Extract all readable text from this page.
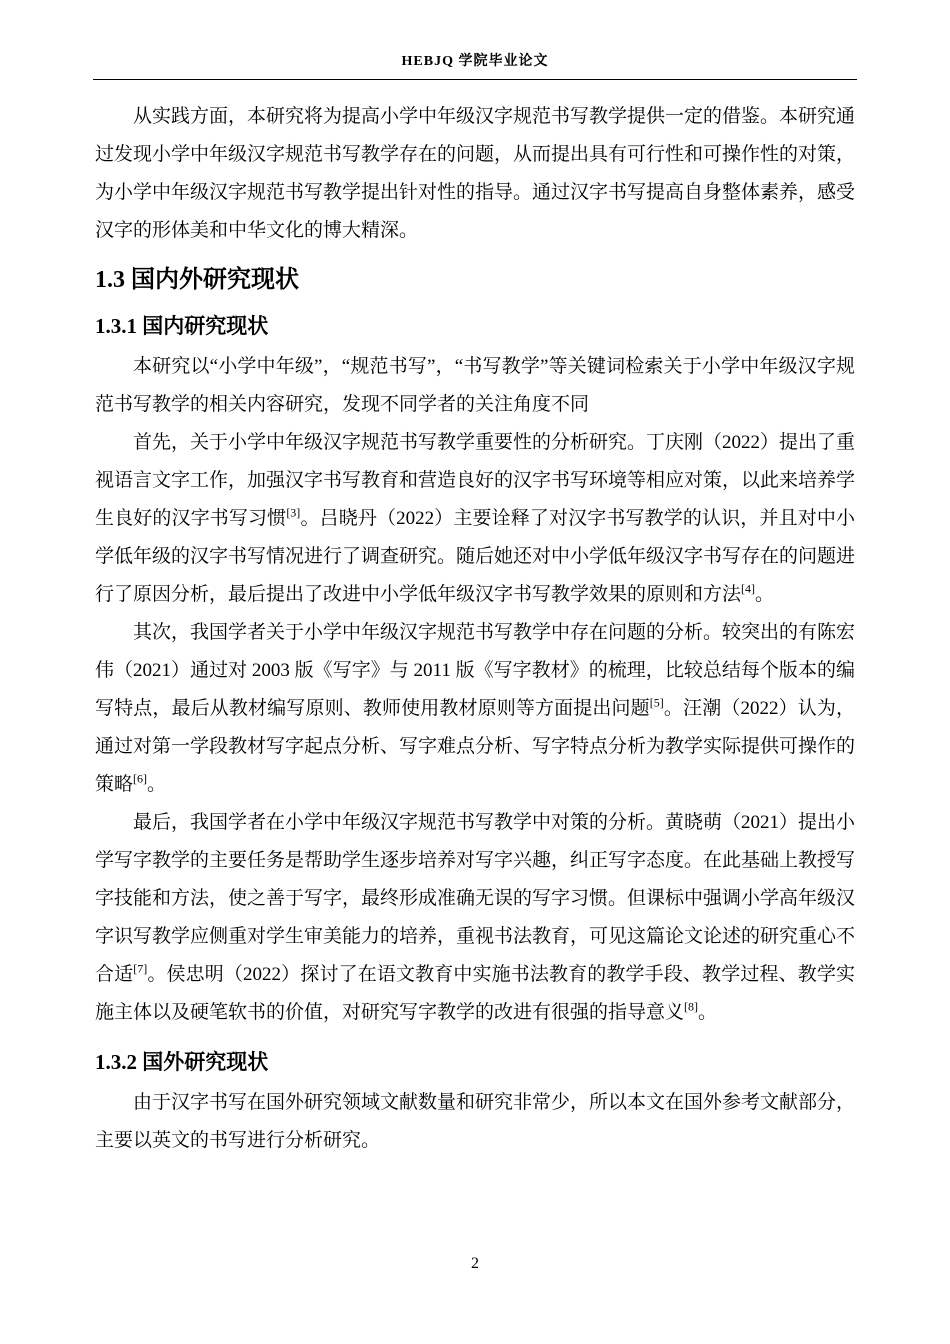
HEBJQ 学院毕业论文

从实践方面，本研究将为提高小学中年级汉字规范书写教学提供一定的借鉴。本研究通过发现小学中年级汉字规范书写教学存在的问题，从而提出具有可行性和可操作性的对策，为小学中年级汉字规范书写教学提出针对性的指导。通过汉字书写提高自身整体素养，感受汉字的形体美和中华文化的博大精深。

1.3 国内外研究现状
1.3.1 国内研究现状

本研究以“小学中年级”，“规范书写”，“书写教学”等关键词检索关于小学中年级汉字规范书写教学的相关内容研究，发现不同学者的关注角度不同

首先，关于小学中年级汉字规范书写教学重要性的分析研究。丁庆刚（2022）提出了重视语言文字工作，加强汉字书写教育和营造良好的汉字书写环境等相应对策，以此来培养学生良好的汉字书写习惯[3]。吕晓丹（2022）主要诠释了对汉字书写教学的认识，并且对中小学低年级的汉字书写情况进行了调查研究。随后她还对中小学低年级汉字书写存在的问题进行了原因分析，最后提出了改进中小学低年级汉字书写教学效果的原则和方法[4]。

其次，我国学者关于小学中年级汉字规范书写教学中存在问题的分析。较突出的有陈宏伟（2021）通过对 2003 版《写字》与 2011 版《写字教材》的梳理，比较总结每个版本的编写特点，最后从教材编写原则、教师使用教材原则等方面提出问题[5]。汪潮（2022）认为，通过对第一学段教材写字起点分析、写字难点分析、写字特点分析为教学实际提供可操作的策略[6]。

最后，我国学者在小学中年级汉字规范书写教学中对策的分析。黄晓萌（2021）提出小学写字教学的主要任务是帮助学生逐步培养对写字兴趣，纠正写字态度。在此基础上教授写字技能和方法，使之善于写字，最终形成准确无误的写字习惯。但课标中强调小学高年级汉字识写教学应侧重对学生审美能力的培养，重视书法教育，可见这篇论文论述的研究重心不合适[7]。侯忠明（2022）探讨了在语文教育中实施书法教育的教学手段、教学过程、教学实施主体以及硬笔软书的价值，对研究写字教学的改进有很强的指导意义[8]。

1.3.2 国外研究现状

由于汉字书写在国外研究领域文献数量和研究非常少，所以本文在国外参考文献部分，主要以英文的书写进行分析研究。

2
